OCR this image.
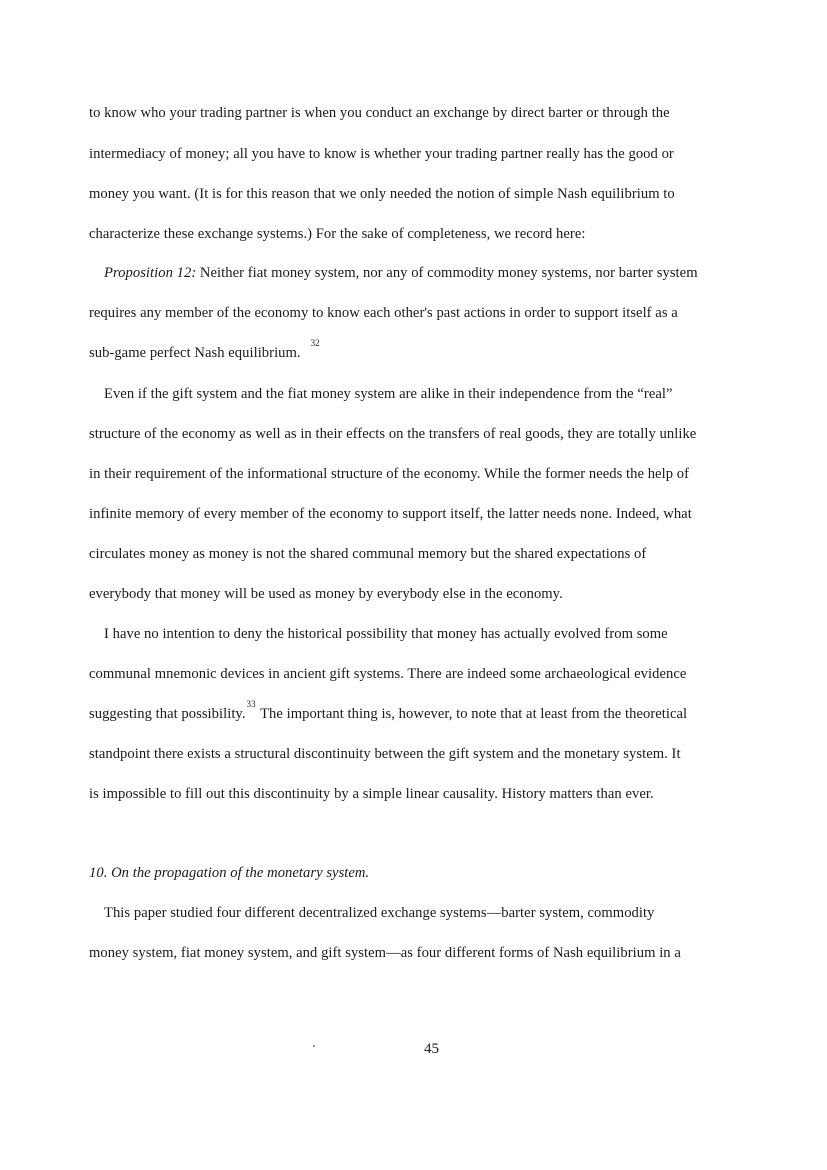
to know who your trading partner is when you conduct an exchange by direct barter or through the
intermediacy of money; all you have to know is whether your trading partner really has the good or
money you want. (It is for this reason that we only needed the notion of simple Nash equilibrium to
characterize these exchange systems.) For the sake of completeness, we record here:
Proposition 12: Neither fiat money system, nor any of commodity money systems, nor barter system
requires any member of the economy to know each other's past actions in order to support itself as a
sub-game perfect Nash equilibrium.$^{32}$
Even if the gift system and the fiat money system are alike in their independence from the “real”
structure of the economy as well as in their effects on the transfers of real goods, they are totally unlike
in their requirement of the informational structure of the economy. While the former needs the help of
infinite memory of every member of the economy to support itself, the latter needs none. Indeed, what
circulates money as money is not the shared communal memory but the shared expectations of
everybody that money will be used as money by everybody else in the economy.
I have no intention to deny the historical possibility that money has actually evolved from some
communal mnemonic devices in ancient gift systems. There are indeed some archaeological evidence
suggesting that possibility.$^{33}$ The important thing is, however, to note that at least from the theoretical
standpoint there exists a structural discontinuity between the gift system and the monetary system. It
is impossible to fill out this discontinuity by a simple linear causality. History matters than ever.
10. On the propagation of the monetary system.
This paper studied four different decentralized exchange systems—barter system, commodity
money system, fiat money system, and gift system—as four different forms of Nash equilibrium in a
45
